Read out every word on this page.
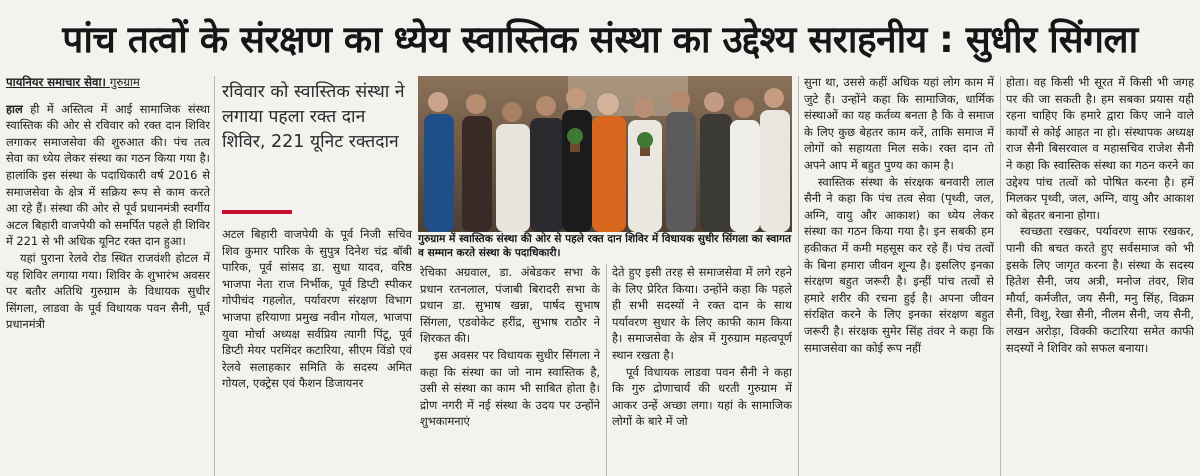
पांच तत्वों के संरक्षण का ध्येय स्वास्तिक संस्था का उद्देश्य सराहनीय : सुधीर सिंगला

पायनियर समाचार सेवा। गुरुग्राम

हाल ही में अस्तित्व में आई सामाजिक संस्था स्वास्तिक की ओर से रविवार को रक्त दान शिविर लगाकर समाजसेवा की शुरुआत की। पंच तत्व सेवा का ध्येय लेकर संस्था का गठन किया गया है। हालांकि इस संस्था के पदाधिकारी वर्ष 2016 से समाजसेवा के क्षेत्र में सक्रिय रूप से काम करते आ रहे हैं। संस्था की ओर से पूर्व प्रधानमंत्री स्वर्गीय अटल बिहारी वाजपेयी को समर्पित पहले ही शिविर में 221 से भी अधिक यूनिट रक्त दान हुआ।

यहां पुराना रेलवे रोड स्थित राजवंशी होटल में यह शिविर लगाया गया। शिविर के शुभारंभ अवसर पर बतौर अतिथि गुरुग्राम के विधायक सुधीर सिंगला, लाडवा के पूर्व विधायक पवन सैनी, पूर्व प्रधानमंत्री

रविवार को स्वास्तिक संस्था ने लगाया पहला रक्त दान शिविर, 221 यूनिट रक्तदान

अटल बिहारी वाजपेयी के पूर्व निजी सचिव शिव कुमार पारिक के सुपुत्र दिनेश चंद्र बॉबी पारिक, पूर्व सांसद डा. सुधा यादव, वरिष्ठ भाजपा नेता राज निर्भीक, पूर्व डिप्टी स्पीकर गोपीचंद गहलोत, पर्यावरण संरक्षण विभाग भाजपा हरियाणा प्रमुख नवीन गोयल, भाजपा युवा मोर्चा अध्यक्ष सर्वप्रिय त्यागी पिंटू, पूर्व डिप्टी मेयर परमिंदर कटारिया, सीएम विंडो एवं रेलवे सलाहकार समिति के सदस्य अमित गोयल, एक्ट्रेस एवं फैशन डिजायनर

गुरुग्राम में स्वास्तिक संस्था की ओर से पहले रक्त दान शिविर में विधायक सुधीर सिंगला का स्वागत व सम्मान करते संस्था के पदाधिकारी।

रेचिका अग्रवाल, डा. अंबेडकर सभा के प्रधान रतनलाल, पंजाबी बिरादरी सभा के प्रधान डा. सुभाष खन्ना, पार्षद सुभाष सिंगला, एडवोकेट हरींद्र, सुभाष राठौर ने शिरकत की।

इस अवसर पर विधायक सुधीर सिंगला ने कहा कि संस्था का जो नाम स्वास्तिक है, उसी से संस्था का काम भी साबित होता है। द्रोण नगरी में नई संस्था के उदय पर उन्होंने शुभकामनाएं

देते हुए इसी तरह से समाजसेवा में लगे रहने के लिए प्रेरित किया। उन्होंने कहा कि पहले ही सभी सदस्यों ने रक्त दान के साथ पर्यावरण सुधार के लिए काफी काम किया है। समाजसेवा के क्षेत्र में गुरुग्राम महत्वपूर्ण स्थान रखता है।

पूर्व विधायक लाडवा पवन सैनी ने कहा कि गुरु द्रोणाचार्य की धरती गुरुग्राम में आकर उन्हें अच्छा लगा। यहां के सामाजिक लोगों के बारे में जो

सुना था, उससे कहीं अधिक यहां लोग काम में जुटे हैं। उन्होंने कहा कि सामाजिक, धार्मिक संस्थाओं का यह कर्तव्य बनता है कि वे समाज के लिए कुछ बेहतर काम करें, ताकि समाज में लोगों को सहायता मिल सके। रक्त दान तो अपने आप में बहुत पुण्य का काम है।

स्वास्तिक संस्था के संरक्षक बनवारी लाल सैनी ने कहा कि पंच तत्व सेवा (पृथ्वी, जल, अग्नि, वायु और आकाश) का ध्येय लेकर संस्था का गठन किया गया है। इन सबकी हम हकीकत में कमी महसूस कर रहे हैं। पंच तत्वों के बिना हमारा जीवन शून्य है। इसलिए इनका संरक्षण बहुत जरूरी है। इन्हीं पांच तत्वों से हमारे शरीर की रचना हुई है। अपना जीवन संरक्षित करने के लिए इनका संरक्षण बहुत जरूरी है। संरक्षक सुमेर सिंह तंवर ने कहा कि समाजसेवा का कोई रूप नहीं

होता। वह किसी भी सूरत में किसी भी जगह पर की जा सकती है। हम सबका प्रयास यही रहना चाहिए कि हमारे द्वारा किए जाने वाले कार्यों से कोई आहत ना हो। संस्थापक अध्यक्ष राज सैनी बिसरवाल व महासचिव राजेश सैनी ने कहा कि स्वास्तिक संस्था का गठन करने का उद्देश्य पांच तत्वों को पोषित करना है। हमें मिलकर पृथ्वी, जल, अग्नि, वायु और आकाश को बेहतर बनाना होगा।

स्वच्छता रखकर, पर्यावरण साफ रखकर, पानी की बचत करते हुए सर्वसमाज को भी इसके लिए जागृत करना है। संस्था के सदस्य हितेश सैनी, जय अत्री, मनोज तंवर, शिव मौर्या, कर्मजीत, जय सैनी, मनु सिंह, विक्रम सैनी, विशु, रेखा सैनी, नीलम सैनी, जय सैनी, लखन अरोड़ा, विक्की कटारिया समेत काफी सदस्यों ने शिविर को सफल बनाया।
